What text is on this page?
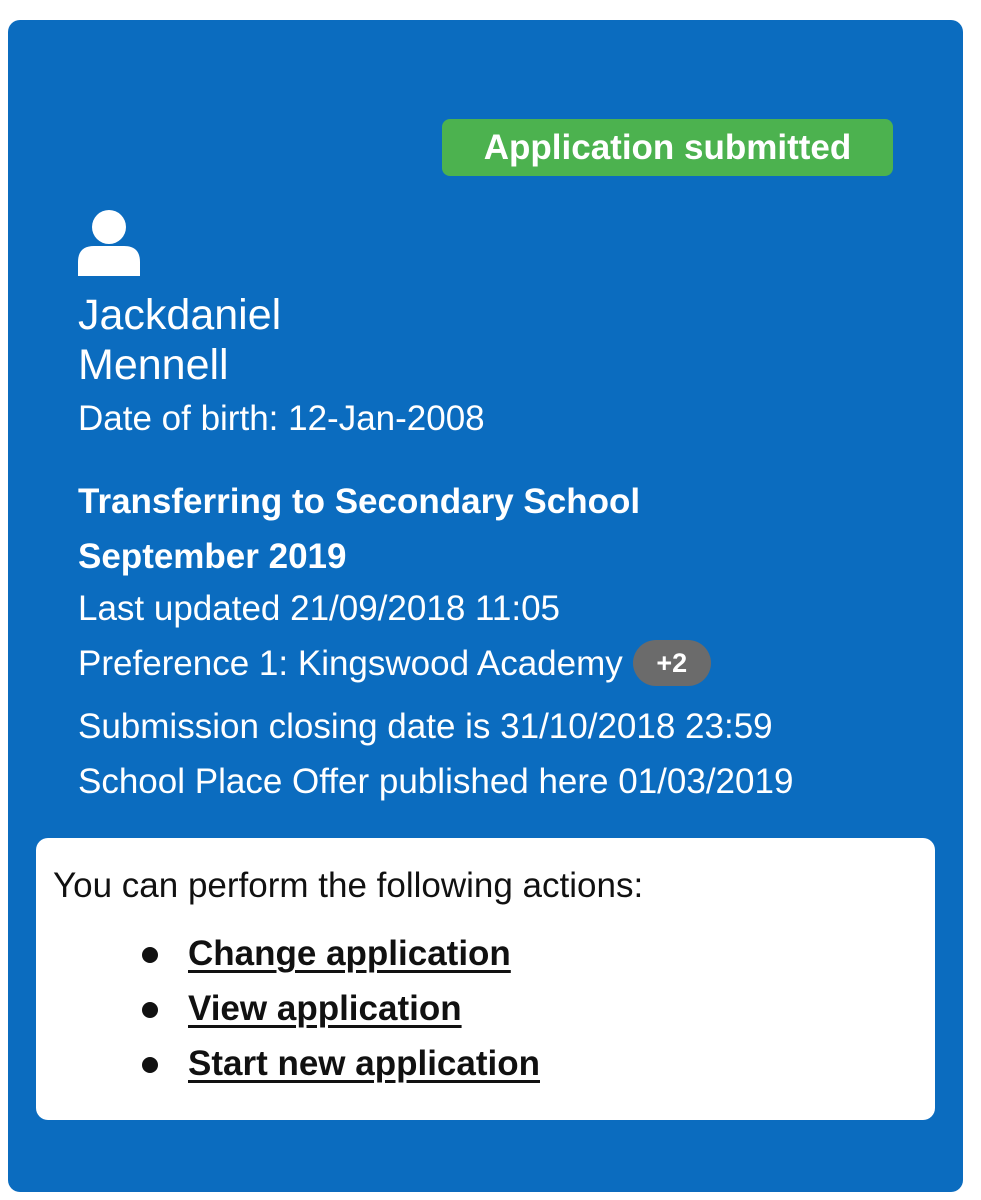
Application submitted
Jackdaniel
Mennell
Date of birth: 12-Jan-2008
Transferring to Secondary School
September 2019
Last updated 21/09/2018 11:05
Preference 1: Kingswood Academy +2
Submission closing date is 31/10/2018 23:59
School Place Offer published here 01/03/2019
You can perform the following actions:
Change application
View application
Start new application
